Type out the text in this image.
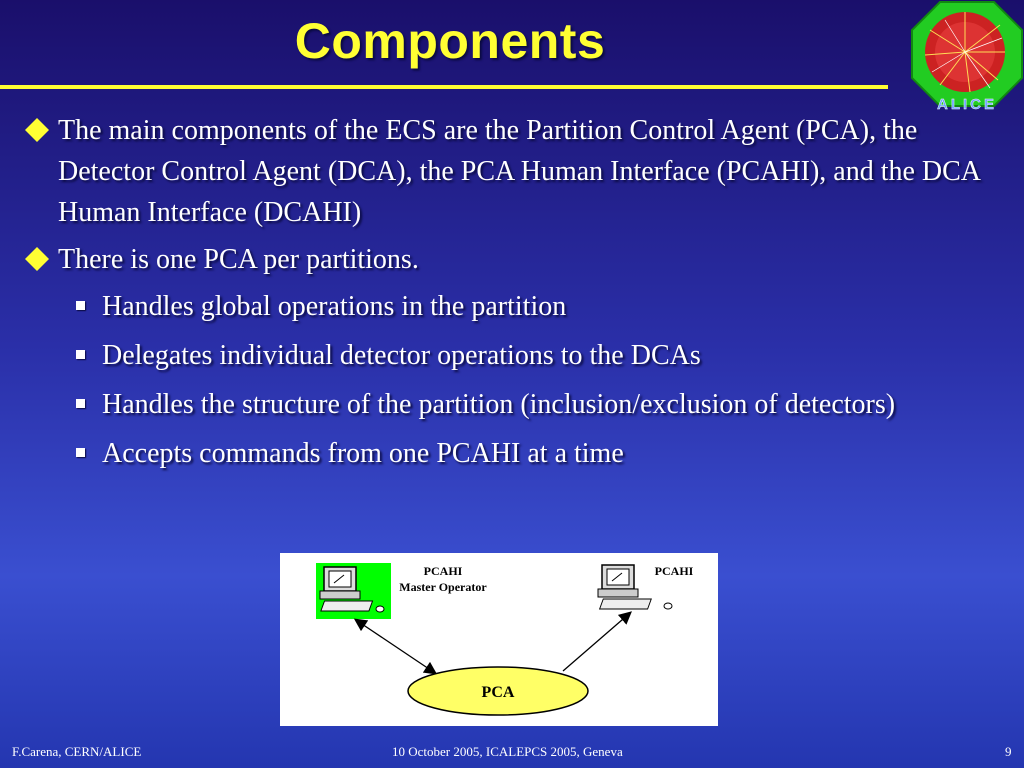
Components
ALICE
The main components of the ECS are the Partition Control Agent (PCA), the Detector Control Agent (DCA), the PCA Human Interface (PCAHI), and the DCA Human Interface (DCAHI)
There is one PCA per partitions.
Handles global operations in the partition
Delegates individual detector operations to the DCAs
Handles the structure of the partition (inclusion/exclusion of detectors)
Accepts commands from one PCAHI at a time
PCAHI
Master Operator
PCAHI
PCA
F.Carena, CERN/ALICE	10 October 2005, ICALEPCS 2005, Geneva	9
